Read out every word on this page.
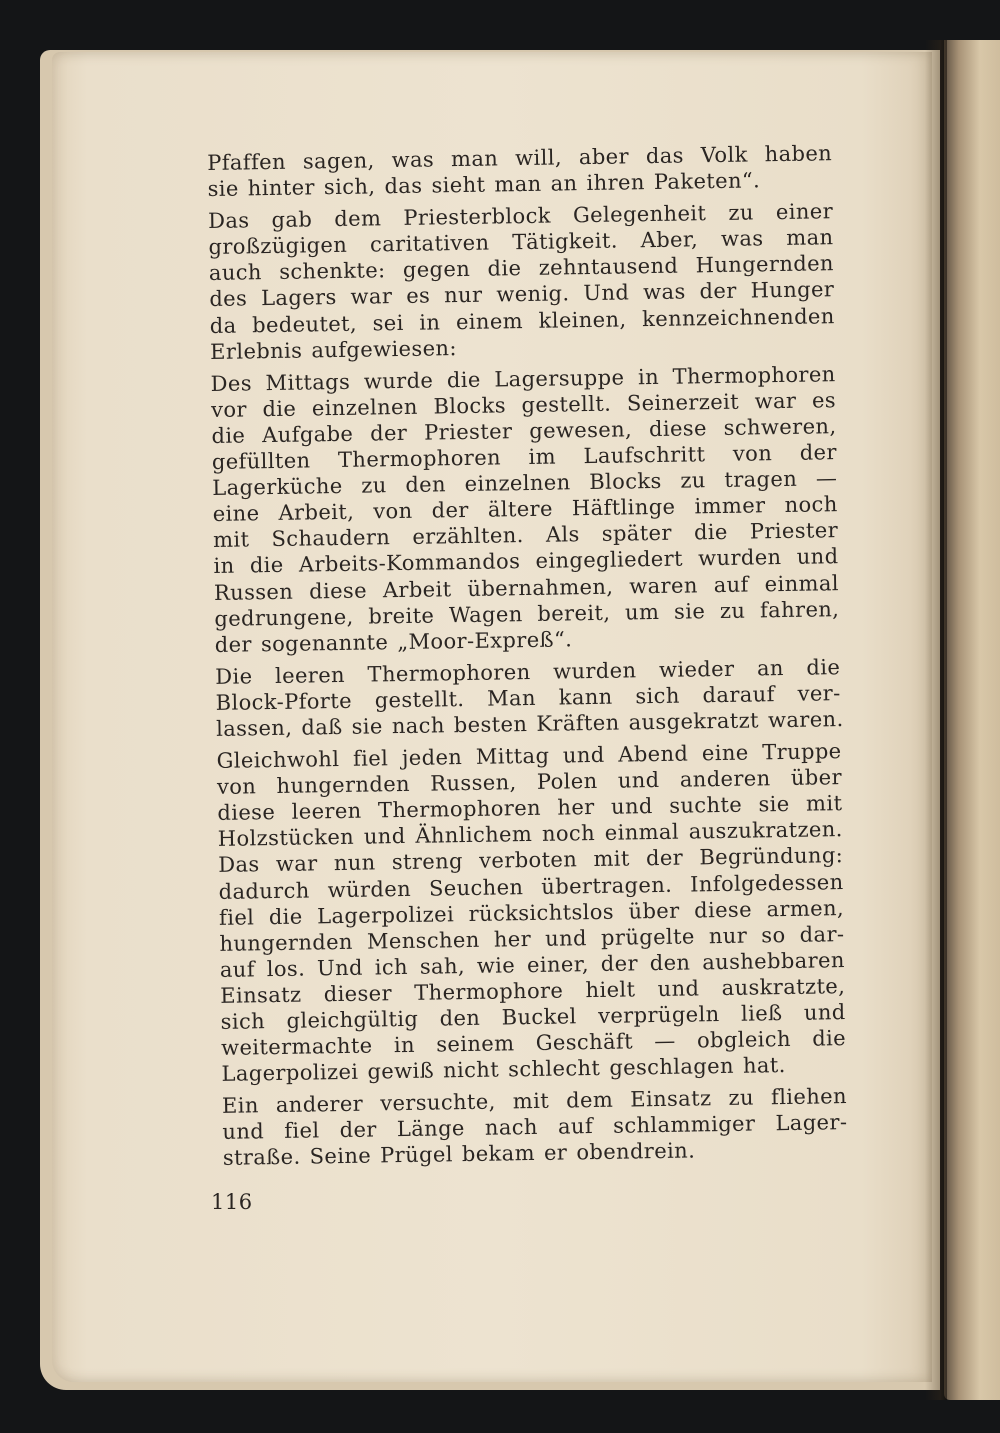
Pfaffen sagen, was man will, aber das Volk haben
sie hinter sich, das sieht man an ihren Paketen“.
Das gab dem Priesterblock Gelegenheit zu einer
großzügigen caritativen Tätigkeit. Aber, was man
auch schenkte: gegen die zehntausend Hungernden
des Lagers war es nur wenig. Und was der Hunger
da bedeutet, sei in einem kleinen, kennzeichnenden
Erlebnis aufgewiesen:
Des Mittags wurde die Lagersuppe in Thermophoren
vor die einzelnen Blocks gestellt. Seinerzeit war es
die Aufgabe der Priester gewesen, diese schweren,
gefüllten Thermophoren im Laufschritt von der
Lagerküche zu den einzelnen Blocks zu tragen —
eine Arbeit, von der ältere Häftlinge immer noch
mit Schaudern erzählten. Als später die Priester
in die Arbeits-Kommandos eingegliedert wurden und
Russen diese Arbeit übernahmen, waren auf einmal
gedrungene, breite Wagen bereit, um sie zu fahren,
der sogenannte „Moor-Expreß“.
Die leeren Thermophoren wurden wieder an die
Block-Pforte gestellt. Man kann sich darauf ver-
lassen, daß sie nach besten Kräften ausgekratzt waren.
Gleichwohl fiel jeden Mittag und Abend eine Truppe
von hungernden Russen, Polen und anderen über
diese leeren Thermophoren her und suchte sie mit
Holzstücken und Ähnlichem noch einmal auszukratzen.
Das war nun streng verboten mit der Begründung:
dadurch würden Seuchen übertragen. Infolgedessen
fiel die Lagerpolizei rücksichtslos über diese armen,
hungernden Menschen her und prügelte nur so dar-
auf los. Und ich sah, wie einer, der den aushebbaren
Einsatz dieser Thermophore hielt und auskratzte,
sich gleichgültig den Buckel verprügeln ließ und
weitermachte in seinem Geschäft — obgleich die
Lagerpolizei gewiß nicht schlecht geschlagen hat.
Ein anderer versuchte, mit dem Einsatz zu fliehen
und fiel der Länge nach auf schlammiger Lager-
straße. Seine Prügel bekam er obendrein.
116
